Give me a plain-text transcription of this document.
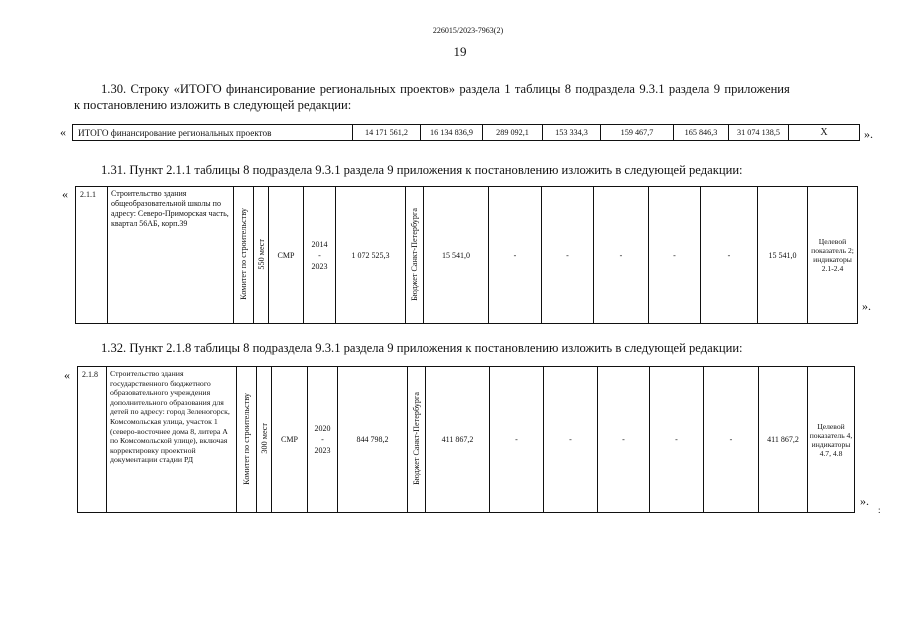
226015/2023-7963(2)
19
1.30. Строку «ИТОГО финансирование региональных проектов» раздела 1 таблицы 8 подраздела 9.3.1 раздела 9 приложения
к постановлению изложить в следующей редакции:
« ИТОГО финансирование региональных проектов	14 171 561,2	16 134 836,9	289 092,1	153 334,3	159 467,7	165 846,3	31 074 138,5	Х	».
1.31. Пункт 2.1.1 таблицы 8 подраздела 9.3.1 раздела 9 приложения к постановлению изложить в следующей редакции:
« 2.1.1	Строительство здания общеобразовательной школы по адресу: Северо-Приморская часть, квартал 56АБ, корп.39	Комитет по строительству	550 мест	СМР	2014
-
2023	1 072 525,3	Бюджет Санкт-Петербурга	15 541,0	-	-	-	-	-	15 541,0	Целевой показатель 2; индикаторы 2.1-2.4
».
1.32. Пункт 2.1.8 таблицы 8 подраздела 9.3.1 раздела 9 приложения к постановлению изложить в следующей редакции:
« 2.1.8	Строительство здания государственного бюджетного образовательного учреждения дополнительного образования для детей по адресу: город Зеленогорск, Комсомольская улица, участок 1 (северо-восточнее дома 8, литера А по Комсомольской улице), включая корректировку проектной документации стадии РД	Комитет по строительству	300 мест	СМР	2020
-
2023	844 798,2	Бюджет Санкт-Петербурга	411 867,2	-	-	-	-	-	411 867,2	Целевой показатель 4, индикаторы 4.7, 4.8
».
:
